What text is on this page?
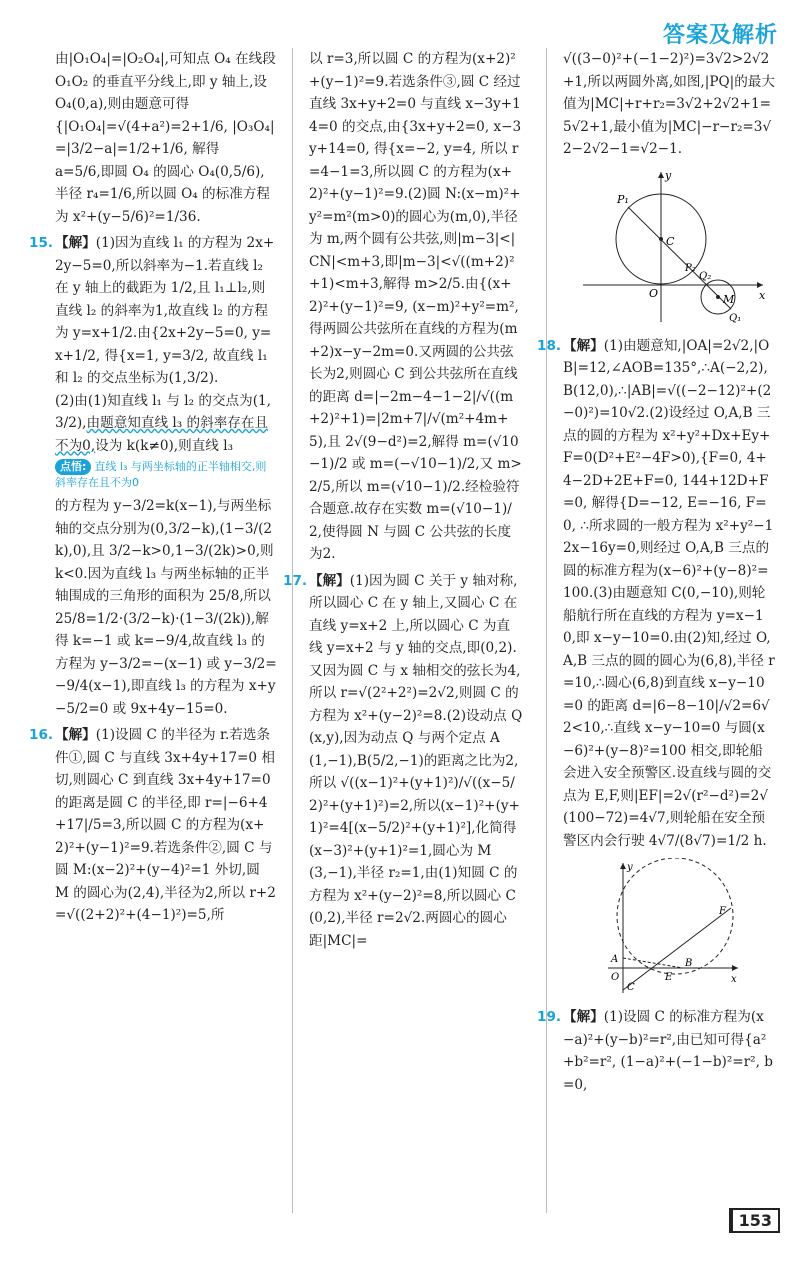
答案及解析

由|O₁O₄|=|O₂O₄|,可知点 O₄ 在线段 O₁O₂ 的垂直平分线上,即 y 轴上,设 O₄(0,a),则由题意可得

{|O₁O₄|=√(4+a²)=2+1/6, |O₃O₄|=|3/2−a|=1/2+1/6, 解得

a=5/6,即圆 O₄ 的圆心 O₄(0,5/6),半径 r₄=1/6,所以圆 O₄ 的标准方程为 x²+(y−5/6)²=1/36.

15. 【解】(1)因为直线 l₁ 的方程为 2x+2y−5=0,所以斜率为−1.若直线 l₂ 在 y 轴上的截距为 1/2,且 l₁⊥l₂,则直线 l₂ 的斜率为1,故直线 l₂ 的方程为 y=x+1/2.由{2x+2y−5=0, y=x+1/2, 得{x=1, y=3/2, 故直线 l₁ 和 l₂ 的交点坐标为(1,3/2).

(2)由(1)知直线 l₁ 与 l₂ 的交点为(1,3/2),由题意知直线 l₃ 的斜率存在且不为0,设为 k(k≠0),则直线 l₃

点悟: 直线 l₃ 与两坐标轴的正半轴相交,则斜率存在且不为0

的方程为 y−3/2=k(x−1),与两坐标轴的交点分别为(0,3/2−k),(1−3/(2k),0),且 3/2−k>0,1−3/(2k)>0,则 k<0.因为直线 l₃ 与两坐标轴的正半轴围成的三角形的面积为 25/8,所以 25/8=1/2·(3/2−k)·(1−3/(2k)),解得 k=−1 或 k=−9/4,故直线 l₃ 的方程为 y−3/2=−(x−1) 或 y−3/2=−9/4(x−1),即直线 l₃ 的方程为 x+y−5/2=0 或 9x+4y−15=0.

16. 【解】(1)设圆 C 的半径为 r.若选条件①,圆 C 与直线 3x+4y+17=0 相切,则圆心 C 到直线 3x+4y+17=0 的距离是圆 C 的半径,即 r=|−6+4+17|/5=3,所以圆 C 的方程为(x+2)²+(y−1)²=9.若选条件②,圆 C 与圆 M:(x−2)²+(y−4)²=1 外切,圆 M 的圆心为(2,4),半径为2,所以 r+2=√((2+2)²+(4−1)²)=5,所

以 r=3,所以圆 C 的方程为(x+2)²+(y−1)²=9.若选条件③,圆 C 经过直线 3x+y+2=0 与直线 x−3y+14=0 的交点,由{3x+y+2=0, x−3y+14=0, 得{x=−2, y=4, 所以 r=4−1=3,所以圆 C 的方程为(x+2)²+(y−1)²=9.(2)圆 N:(x−m)²+y²=m²(m>0)的圆心为(m,0),半径为 m,两个圆有公共弦,则|m−3|<|CN|<m+3,即|m−3|<√((m+2)²+1)<m+3,解得 m>2/5.由{(x+2)²+(y−1)²=9, (x−m)²+y²=m², 得两圆公共弦所在直线的方程为(m+2)x−y−2m=0.又两圆的公共弦长为2,则圆心 C 到公共弦所在直线的距离 d=|−2m−4−1−2|/√((m+2)²+1)=|2m+7|/√(m²+4m+5),且 2√(9−d²)=2,解得 m=(√10−1)/2 或 m=(−√10−1)/2,又 m>2/5,所以 m=(√10−1)/2.经检验符合题意.故存在实数 m=(√10−1)/2,使得圆 N 与圆 C 公共弦的长度为2.

17. 【解】(1)因为圆 C 关于 y 轴对称,所以圆心 C 在 y 轴上,又圆心 C 在直线 y=x+2 上,所以圆心 C 为直线 y=x+2 与 y 轴的交点,即(0,2).又因为圆 C 与 x 轴相交的弦长为4,所以 r=√(2²+2²)=2√2,则圆 C 的方程为 x²+(y−2)²=8.(2)设动点 Q(x,y),因为动点 Q 与两个定点 A(1,−1),B(5/2,−1)的距离之比为2,所以 √((x−1)²+(y+1)²)/√((x−5/2)²+(y+1)²)=2,所以(x−1)²+(y+1)²=4[(x−5/2)²+(y+1)²],化简得(x−3)²+(y+1)²=1,圆心为 M(3,−1),半径 r₂=1,由(1)知圆 C 的方程为 x²+(y−2)²=8,所以圆心 C(0,2),半径 r=2√2.两圆心的圆心距|MC|=

√((3−0)²+(−1−2)²)=3√2>2√2+1,所以两圆外离,如图,|PQ|的最大值为|MC|+r+r₂=3√2+2√2+1=5√2+1,最小值为|MC|−r−r₂=3√2−2√2−1=√2−1.

P₁
C
P₂
Q₂
O	M
Q₁
x
y

18. 【解】(1)由题意知,|OA|=2√2,|OB|=12,∠AOB=135°,∴A(−2,2),B(12,0),∴|AB|=√((−2−12)²+(2−0)²)=10√2.(2)设经过 O,A,B 三点的圆的方程为 x²+y²+Dx+Ey+F=0(D²+E²−4F>0),{F=0, 4+4−2D+2E+F=0, 144+12D+F=0, 解得{D=−12, E=−16, F=0, ∴所求圆的一般方程为 x²+y²−12x−16y=0,则经过 O,A,B 三点的圆的标准方程为(x−6)²+(y−8)²=100.(3)由题意知 C(0,−10),则轮船航行所在直线的方程为 y=x−10,即 x−y−10=0.由(2)知,经过 O,A,B 三点的圆的圆心为(6,8),半径 r=10,∴圆心(6,8)到直线 x−y−10=0 的距离 d=|6−8−10|/√2=6√2<10,∴直线 x−y−10=0 与圆(x−6)²+(y−8)²=100 相交,即轮船会进入安全预警区.设直线与圆的交点为 E,F,则|EF|=2√(r²−d²)=2√(100−72)=4√7,则轮船在安全预警区内会行驶 4√7/(8√7)=1/2 h.

A
O
C
E
B
F
x
y

19. 【解】(1)设圆 C 的标准方程为(x−a)²+(y−b)²=r²,由已知可得{a²+b²=r², (1−a)²+(−1−b)²=r², b=0,

153
